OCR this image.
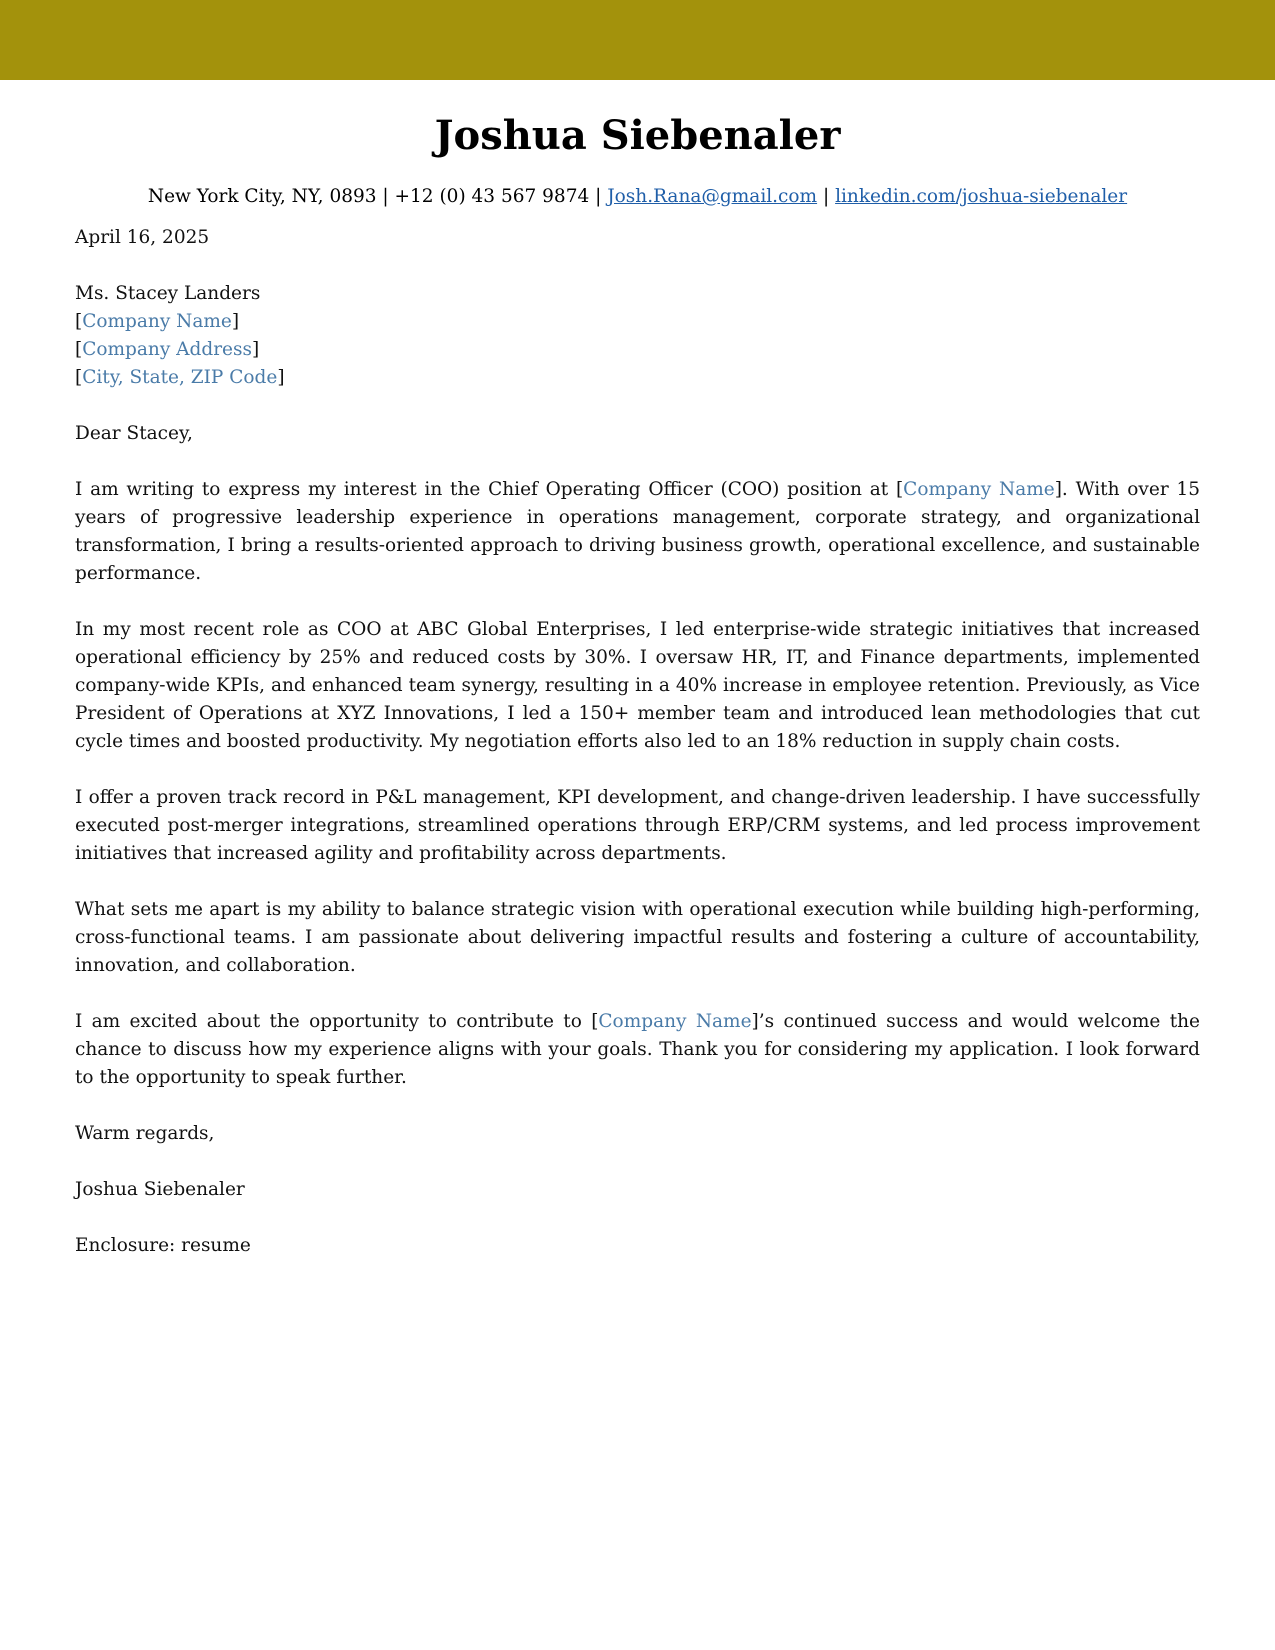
Joshua Siebenaler
New York City, NY, 0893 | +12 (0) 43 567 9874 | Josh.Rana@gmail.com | linkedin.com/joshua-siebenaler

April 16, 2025

Ms. Stacey Landers
[Company Name]
[Company Address]
[City, State, ZIP Code]

Dear Stacey,

I am writing to express my interest in the Chief Operating Officer (COO) position at [Company Name]. With over 15 years of progressive leadership experience in operations management, corporate strategy, and organizational transformation, I bring a results-oriented approach to driving business growth, operational excellence, and sustainable performance.

In my most recent role as COO at ABC Global Enterprises, I led enterprise-wide strategic initiatives that increased operational efficiency by 25% and reduced costs by 30%. I oversaw HR, IT, and Finance departments, implemented company-wide KPIs, and enhanced team synergy, resulting in a 40% increase in employee retention. Previously, as Vice President of Operations at XYZ Innovations, I led a 150+ member team and introduced lean methodologies that cut cycle times and boosted productivity. My negotiation efforts also led to an 18% reduction in supply chain costs.

I offer a proven track record in P&L management, KPI development, and change-driven leadership. I have successfully executed post-merger integrations, streamlined operations through ERP/CRM systems, and led process improvement initiatives that increased agility and profitability across departments.

What sets me apart is my ability to balance strategic vision with operational execution while building high-performing, cross-functional teams. I am passionate about delivering impactful results and fostering a culture of accountability, innovation, and collaboration.

I am excited about the opportunity to contribute to [Company Name]’s continued success and would welcome the chance to discuss how my experience aligns with your goals. Thank you for considering my application. I look forward to the opportunity to speak further.

Warm regards,

Joshua Siebenaler

Enclosure: resume
